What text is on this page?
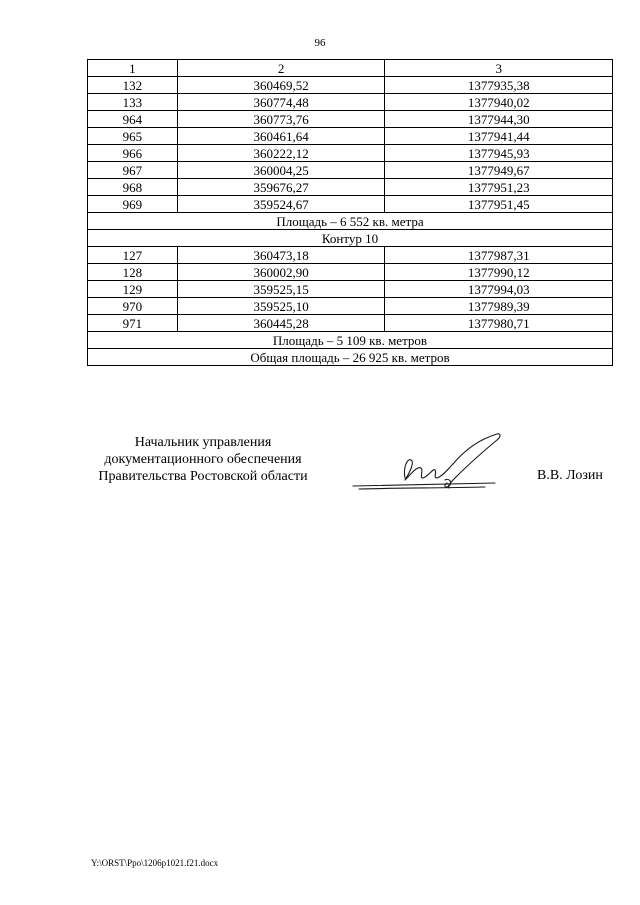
96
1	2	3
132	360469,52	1377935,38
133	360774,48	1377940,02
964	360773,76	1377944,30
965	360461,64	1377941,44
966	360222,12	1377945,93
967	360004,25	1377949,67
968	359676,27	1377951,23
969	359524,67	1377951,45
Площадь – 6 552 кв. метра		
Контур 10		
127	360473,18	1377987,31
128	360002,90	1377990,12
129	359525,15	1377994,03
970	359525,10	1377989,39
971	360445,28	1377980,71
Площадь – 5 109 кв. метров		
Общая площадь – 26 925 кв. метров		
Начальник управления
документационного обеспечения
Правительства Ростовской области	В.В. Лозин
Y:\ORST\Ppo\1206p1021.f21.docx
